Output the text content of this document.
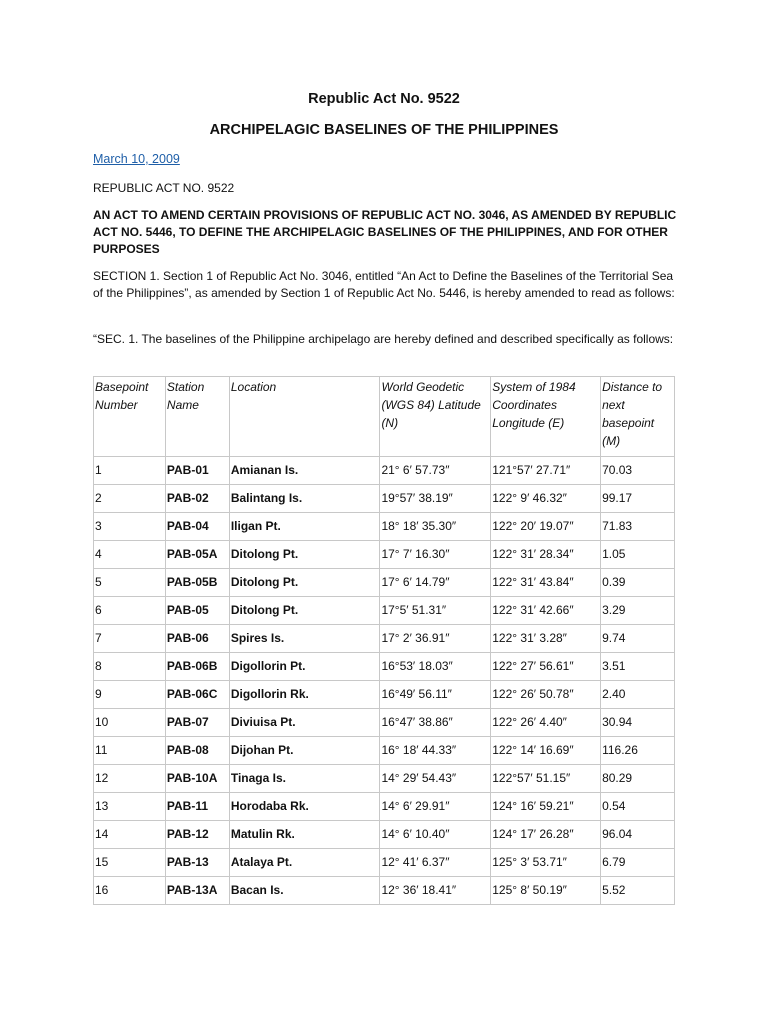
Republic Act No. 9522
ARCHIPELAGIC BASELINES OF THE PHILIPPINES
March 10, 2009

REPUBLIC ACT NO. 9522

AN ACT TO AMEND CERTAIN PROVISIONS OF REPUBLIC ACT NO. 3046, AS AMENDED BY REPUBLIC ACT NO. 5446, TO DEFINE THE ARCHIPELAGIC BASELINES OF THE PHILIPPINES, AND FOR OTHER PURPOSES

SECTION 1. Section 1 of Republic Act No. 3046, entitled “An Act to Define the Baselines of the Territorial Sea of the Philippines”, as amended by Section 1 of Republic Act No. 5446, is hereby amended to read as follows:

“SEC. 1. The baselines of the Philippine archipelago are hereby defined and described specifically as follows:

Basepoint Number	Station Name	Location	World Geodetic (WGS 84) Latitude (N)	System of 1984 Coordinates Longitude (E)	Distance to next basepoint (M)
1	PAB-01	Amianan Is.	21° 6′ 57.73″	121°57′ 27.71″	70.03
2	PAB-02	Balintang Is.	19°57′ 38.19″	122° 9′ 46.32″	99.17
3	PAB-04	Iligan Pt.	18° 18′ 35.30″	122° 20′ 19.07″	71.83
4	PAB-05A	Ditolong Pt.	17° 7′ 16.30″	122° 31′ 28.34″	1.05
5	PAB-05B	Ditolong Pt.	17° 6′ 14.79″	122° 31′ 43.84″	0.39
6	PAB-05	Ditolong Pt.	17°5′ 51.31″	122° 31′ 42.66″	3.29
7	PAB-06	Spires Is.	17° 2′ 36.91″	122° 31′ 3.28″	9.74
8	PAB-06B	Digollorin Pt.	16°53′ 18.03″	122° 27′ 56.61″	3.51
9	PAB-06C	Digollorin Rk.	16°49′ 56.11″	122° 26′ 50.78″	2.40
10	PAB-07	Diviuisa Pt.	16°47′ 38.86″	122° 26′ 4.40″	30.94
11	PAB-08	Dijohan Pt.	16° 18′ 44.33″	122° 14′ 16.69″	116.26
12	PAB-10A	Tinaga Is.	14° 29′ 54.43″	122°57′ 51.15″	80.29
13	PAB-11	Horodaba Rk.	14° 6′ 29.91″	124° 16′ 59.21″	0.54
14	PAB-12	Matulin Rk.	14° 6′ 10.40″	124° 17′ 26.28″	96.04
15	PAB-13	Atalaya Pt.	12° 41′ 6.37″	125° 3′ 53.71″	6.79
16	PAB-13A	Bacan Is.	12° 36′ 18.41″	125° 8′ 50.19″	5.52
